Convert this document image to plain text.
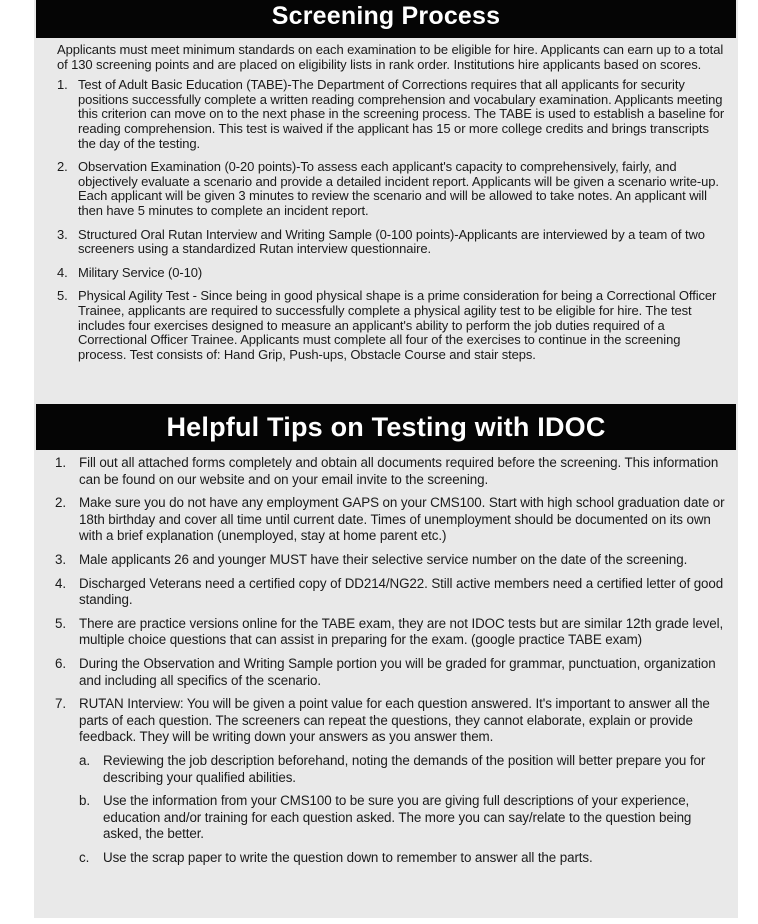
Screening Process

Applicants must meet minimum standards on each examination to be eligible for hire. Applicants can earn up to a total of 130 screening points and are placed on eligibility lists in rank order. Institutions hire applicants based on scores.

1. Test of Adult Basic Education (TABE)-The Department of Corrections requires that all applicants for security positions successfully complete a written reading comprehension and vocabulary examination. Applicants meeting this criterion can move on to the next phase in the screening process. The TABE is used to establish a baseline for reading comprehension. This test is waived if the applicant has 15 or more college credits and brings transcripts the day of the testing.
2. Observation Examination (0-20 points)-To assess each applicant's capacity to comprehensively, fairly, and objectively evaluate a scenario and provide a detailed incident report. Applicants will be given a scenario write-up. Each applicant will be given 3 minutes to review the scenario and will be allowed to take notes. An applicant will then have 5 minutes to complete an incident report.
3. Structured Oral Rutan Interview and Writing Sample (0-100 points)-Applicants are interviewed by a team of two screeners using a standardized Rutan interview questionnaire.
4. Military Service (0-10)
5. Physical Agility Test - Since being in good physical shape is a prime consideration for being a Correctional Officer Trainee, applicants are required to successfully complete a physical agility test to be eligible for hire. The test includes four exercises designed to measure an applicant's ability to perform the job duties required of a Correctional Officer Trainee. Applicants must complete all four of the exercises to continue in the screening process. Test consists of: Hand Grip, Push-ups, Obstacle Course and stair steps.
Helpful Tips on Testing with IDOC
1. Fill out all attached forms completely and obtain all documents required before the screening. This information can be found on our website and on your email invite to the screening.
2. Make sure you do not have any employment GAPS on your CMS100. Start with high school graduation date or 18th birthday and cover all time until current date. Times of unemployment should be documented on its own with a brief explanation (unemployed, stay at home parent etc.)
3. Male applicants 26 and younger MUST have their selective service number on the date of the screening.
4. Discharged Veterans need a certified copy of DD214/NG22. Still active members need a certified letter of good standing.
5. There are practice versions online for the TABE exam, they are not IDOC tests but are similar 12th grade level, multiple choice questions that can assist in preparing for the exam. (google practice TABE exam)
6. During the Observation and Writing Sample portion you will be graded for grammar, punctuation, organization and including all specifics of the scenario.
7. RUTAN Interview: You will be given a point value for each question answered. It's important to answer all the parts of each question. The screeners can repeat the questions, they cannot elaborate, explain or provide feedback. They will be writing down your answers as you answer them.
a. Reviewing the job description beforehand, noting the demands of the position will better prepare you for describing your qualified abilities.
b. Use the information from your CMS100 to be sure you are giving full descriptions of your experience, education and/or training for each question asked. The more you can say/relate to the question being asked, the better.
c.	Use the scrap paper to write the question down to remember to answer all the parts.
